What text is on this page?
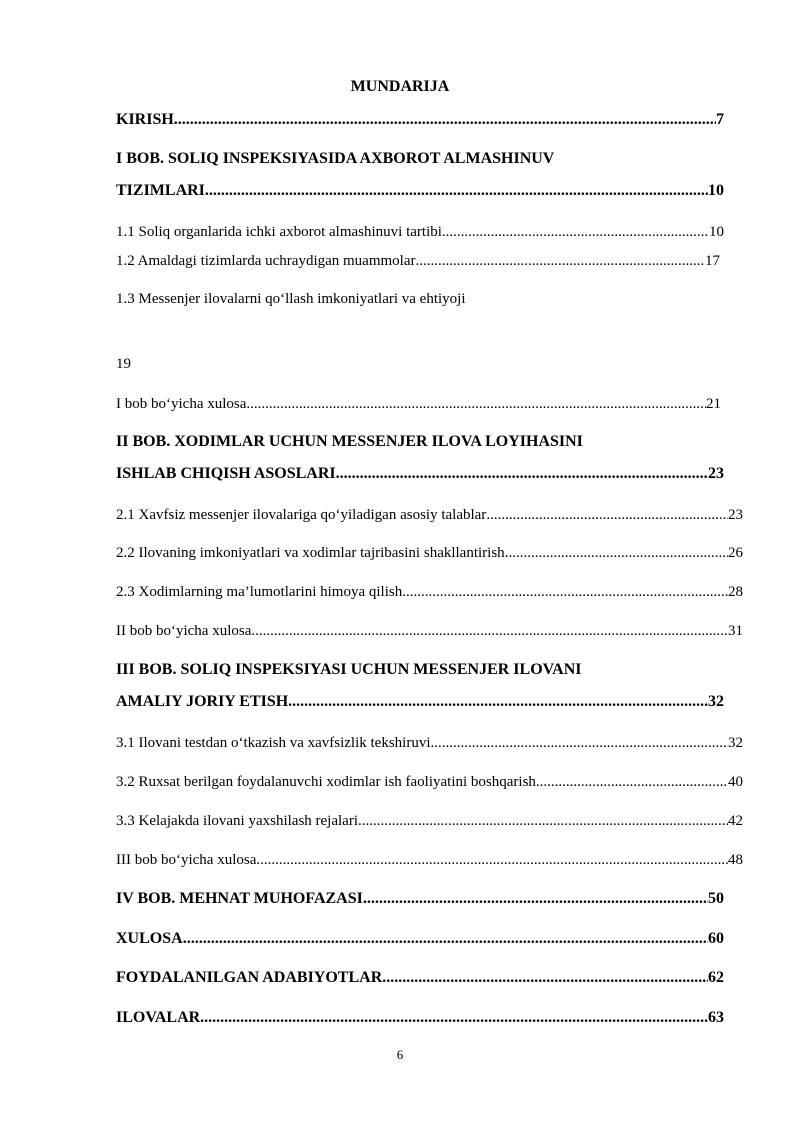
MUNDARIJA
KIRISH .....	7
I BOB. SOLIQ INSPEKSIYASIDA AXBOROT ALMASHINUV
TIZIMLARI .....	10
1.1 Soliq organlarida ichki axborot almashinuvi tartibi .....	10
1.2 Amaldagi tizimlarda uchraydigan muammolar .....	17
1.3 Messenjer ilovalarni qo‘llash imkoniyatlari va ehtiyoji
19
I bob bo‘yicha xulosa .....	21
II BOB. XODIMLAR UCHUN MESSENJER ILOVA LOYIHASINI
ISHLAB CHIQISH ASOSLARI .....	23
2.1 Xavfsiz messenjer ilovalariga qo‘yiladigan asosiy talablar .....	23
2.2 Ilovaning imkoniyatlari va xodimlar tajribasini shakllantirish .....	26
2.3 Xodimlarning ma’lumotlarini himoya qilish .....	28
II bob bo‘yicha xulosa .....	31
III BOB. SOLIQ INSPEKSIYASI UCHUN MESSENJER ILOVANI
AMALIY JORIY ETISH .....	32
3.1 Ilovani testdan o‘tkazish va xavfsizlik tekshiruvi .....	32
3.2 Ruxsat berilgan foydalanuvchi xodimlar ish faoliyatini boshqarish .....	40
3.3 Kelajakda ilovani yaxshilash rejalari .....	42
III bob bo‘yicha xulosa .....	48
IV BOB. MEHNAT MUHOFAZASI .....	50
XULOSA .....	60
FOYDALANILGAN ADABIYOTLAR .....	62
ILOVALAR .....	63
6
